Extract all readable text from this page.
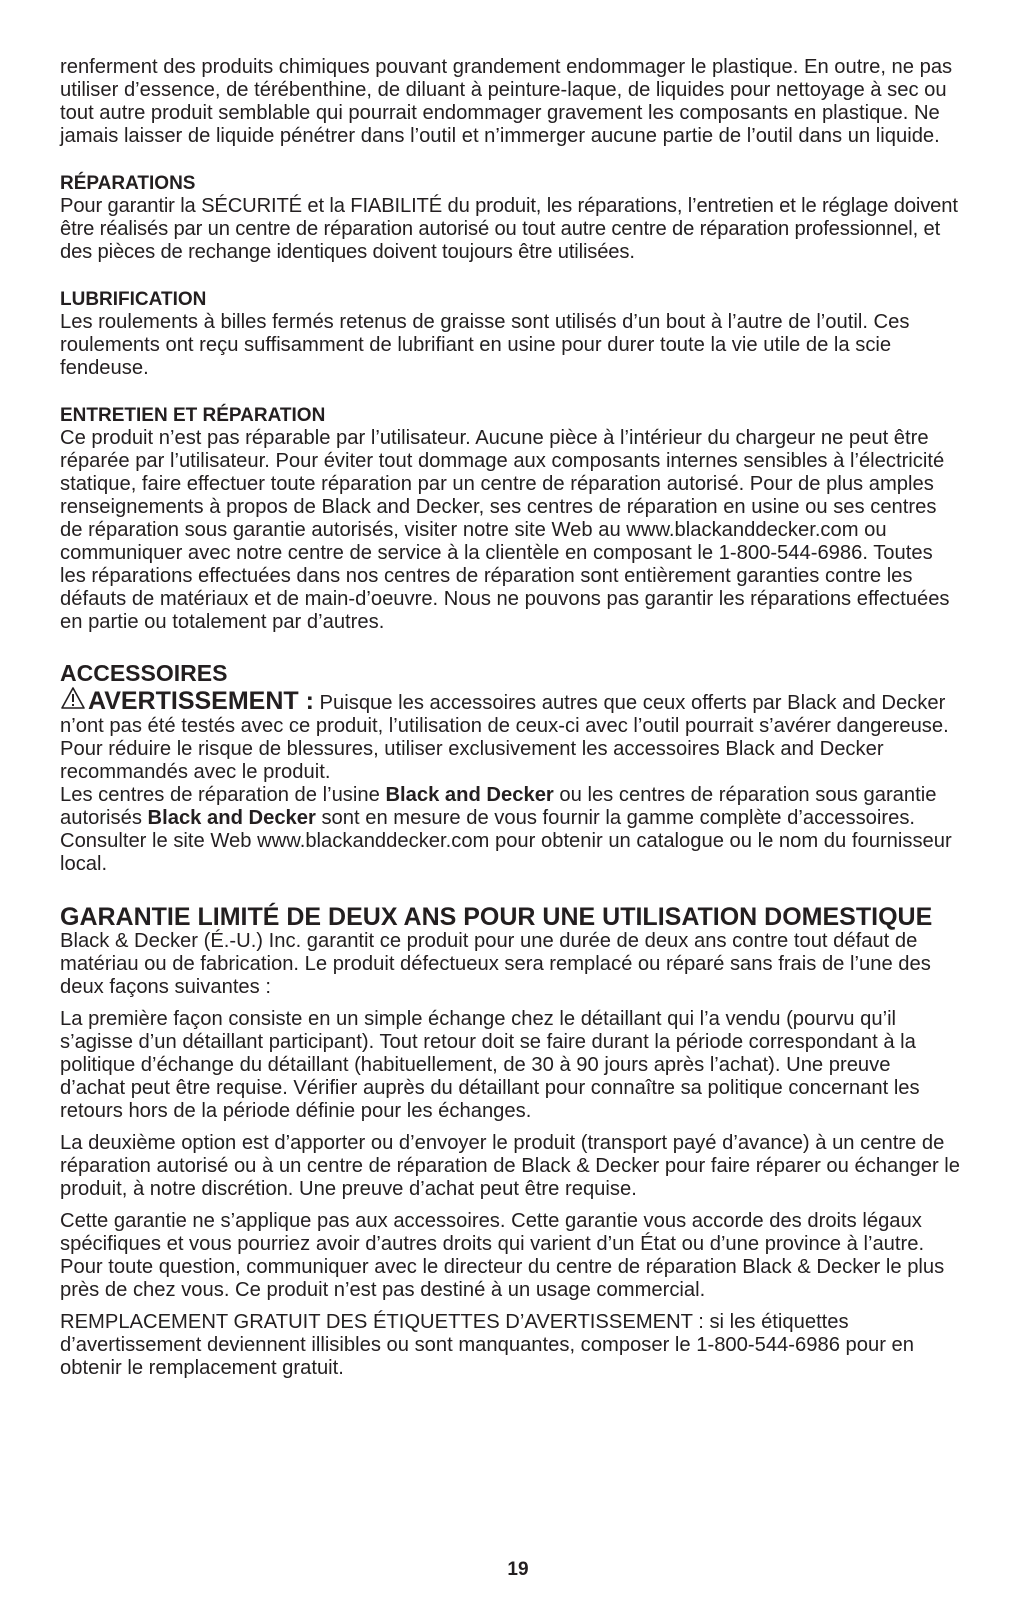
renferment des produits chimiques pouvant grandement endommager le plastique. En outre, ne pas utiliser d’essence, de térébenthine, de diluant à peinture-laque, de liquides pour nettoyage à sec ou tout autre produit semblable qui pourrait endommager gravement les composants en plastique. Ne jamais laisser de liquide pénétrer dans l’outil et n’immerger aucune partie de l’outil dans un liquide.

RÉPARATIONS

Pour garantir la SÉCURITÉ et la FIABILITÉ du produit, les réparations, l’entretien et le réglage doivent être réalisés par un centre de réparation autorisé ou tout autre centre de réparation professionnel, et des pièces de rechange identiques doivent toujours être utilisées.

LUBRIFICATION

Les roulements à billes fermés retenus de graisse sont utilisés d’un bout à l’autre de l’outil. Ces roulements ont reçu suffisamment de lubrifiant en usine pour durer toute la vie utile de la scie fendeuse.

ENTRETIEN ET RÉPARATION

Ce produit n’est pas réparable par l’utilisateur. Aucune pièce à l’intérieur du chargeur ne peut être réparée par l’utilisateur. Pour éviter tout dommage aux composants internes sensibles à l’électricité statique, faire effectuer toute réparation par un centre de réparation autorisé. Pour de plus amples renseignements à propos de Black and Decker, ses centres de réparation en usine ou ses centres de réparation sous garantie autorisés, visiter notre site Web au www.blackanddecker.com ou communiquer avec notre centre de service à la clientèle en composant le 1-800-544-6986. Toutes les réparations effectuées dans nos centres de réparation sont entièrement garanties contre les défauts de matériaux et de main-d’oeuvre. Nous ne pouvons pas garantir les réparations effectuées en partie ou totalement par d’autres.

ACCESSOIRES

AVERTISSEMENT : Puisque les accessoires autres que ceux offerts par Black and Decker n’ont pas été testés avec ce produit, l’utilisation de ceux-ci avec l’outil pourrait s’avérer dangereuse. Pour réduire le risque de blessures, utiliser exclusivement les accessoires Black and Decker recommandés avec le produit.

Les centres de réparation de l’usine Black and Decker ou les centres de réparation sous garantie autorisés Black and Decker sont en mesure de vous fournir la gamme complète d’accessoires. Consulter le site Web www.blackanddecker.com pour obtenir un catalogue ou le nom du fournisseur local.

GARANTIE LIMITÉ DE DEUX ANS POUR UNE UTILISATION DOMESTIQUE

Black & Decker (É.-U.) Inc. garantit ce produit pour une durée de deux ans contre tout défaut de matériau ou de fabrication. Le produit défectueux sera remplacé ou réparé sans frais de l’une des deux façons suivantes :

La première façon consiste en un simple échange chez le détaillant qui l’a vendu (pourvu qu’il s’agisse d’un détaillant participant). Tout retour doit se faire durant la période correspondant à la politique d’échange du détaillant (habituellement, de 30 à 90 jours après l’achat). Une preuve d’achat peut être requise. Vérifier auprès du détaillant pour connaître sa politique concernant les retours hors de la période définie pour les échanges.

La deuxième option est d’apporter ou d’envoyer le produit (transport payé d’avance) à un centre de réparation autorisé ou à un centre de réparation de Black & Decker pour faire réparer ou échanger le produit, à notre discrétion. Une preuve d’achat peut être requise.

Cette garantie ne s’applique pas aux accessoires. Cette garantie vous accorde des droits légaux spécifiques et vous pourriez avoir d’autres droits qui varient d’un État ou d’une province à l’autre. Pour toute question, communiquer avec le directeur du centre de réparation Black & Decker le plus près de chez vous. Ce produit n’est pas destiné à un usage commercial.

REMPLACEMENT GRATUIT DES ÉTIQUETTES D’AVERTISSEMENT : si les étiquettes d’avertissement deviennent illisibles ou sont manquantes, composer le 1-800-544-6986 pour en obtenir le remplacement gratuit.

19
